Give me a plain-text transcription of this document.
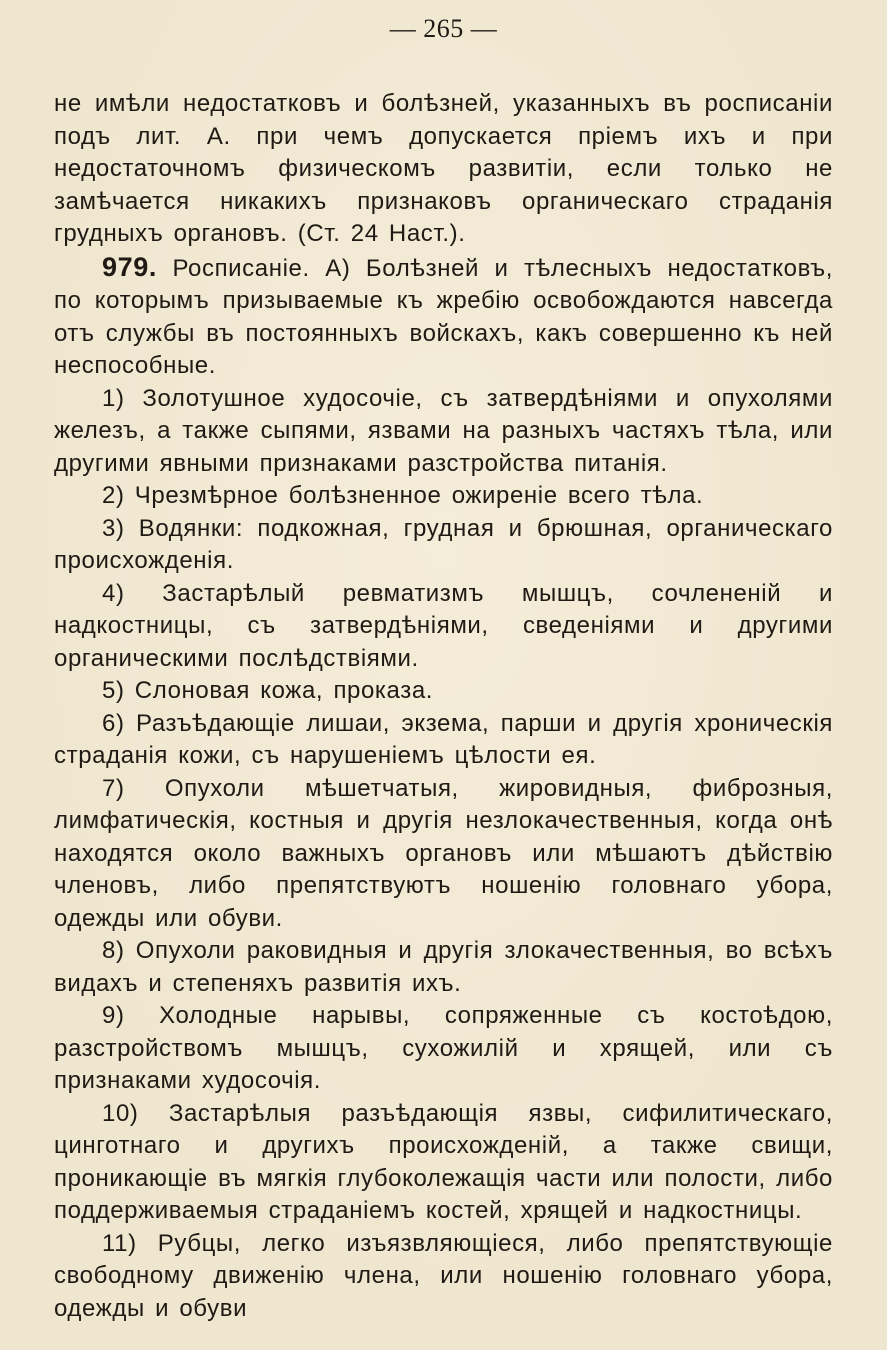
— 265 —

не имѣли недостатковъ и болѣзней, указанныхъ въ росписаніи подъ лит. А. при чемъ допускается пріемъ ихъ и при недостаточномъ физическомъ развитіи, если только не замѣчается никакихъ признаковъ органическаго страданія грудныхъ органовъ. (Ст. 24 Наст.).

979. Росписаніе. А) Болѣзней и тѣлесныхъ недостатковъ, по которымъ призываемые къ жребію освобождаются навсегда отъ службы въ постоянныхъ войскахъ, какъ совершенно къ ней неспособные.

1) Золотушное худосочіе, съ затвердѣніями и опухолями железъ, а также сыпями, язвами на разныхъ частяхъ тѣла, или другими явными признаками разстройства питанія.

2) Чрезмѣрное болѣзненное ожиреніе всего тѣла.

3) Водянки: подкожная, грудная и брюшная, органическаго происхожденія.

4) Застарѣлый ревматизмъ мышцъ, сочлененій и надкостницы, съ затвердѣніями, сведеніями и другими органическими послѣдствіями.

5) Слоновая кожа, проказа.

6) Разъѣдающіе лишаи, экзема, парши и другія хроническія страданія кожи, съ нарушеніемъ цѣлости ея.

7) Опухоли мѣшетчатыя, жировидныя, фиброзныя, лимфатическія, костныя и другія незлокачественныя, когда онѣ находятся около важныхъ органовъ или мѣшаютъ дѣйствію членовъ, либо препятствуютъ ношенію головнаго убора, одежды или обуви.

8) Опухоли раковидныя и другія злокачественныя, во всѣхъ видахъ и степеняхъ развитія ихъ.

9) Холодные нарывы, сопряженные съ костоѣдою, разстройствомъ мышцъ, сухожилій и хрящей, или съ признаками худосочія.

10) Застарѣлыя разъѣдающія язвы, сифилитическаго, цинготнаго и другихъ происхожденій, а также свищи, проникающіе въ мягкія глубоколежащія части или полости, либо поддерживаемыя страданіемъ костей, хрящей и надкостницы.

11) Рубцы, легко изъязвляющіеся, либо препятствующіе свободному движенію члена, или ношенію головнаго убора, одежды и обуви
